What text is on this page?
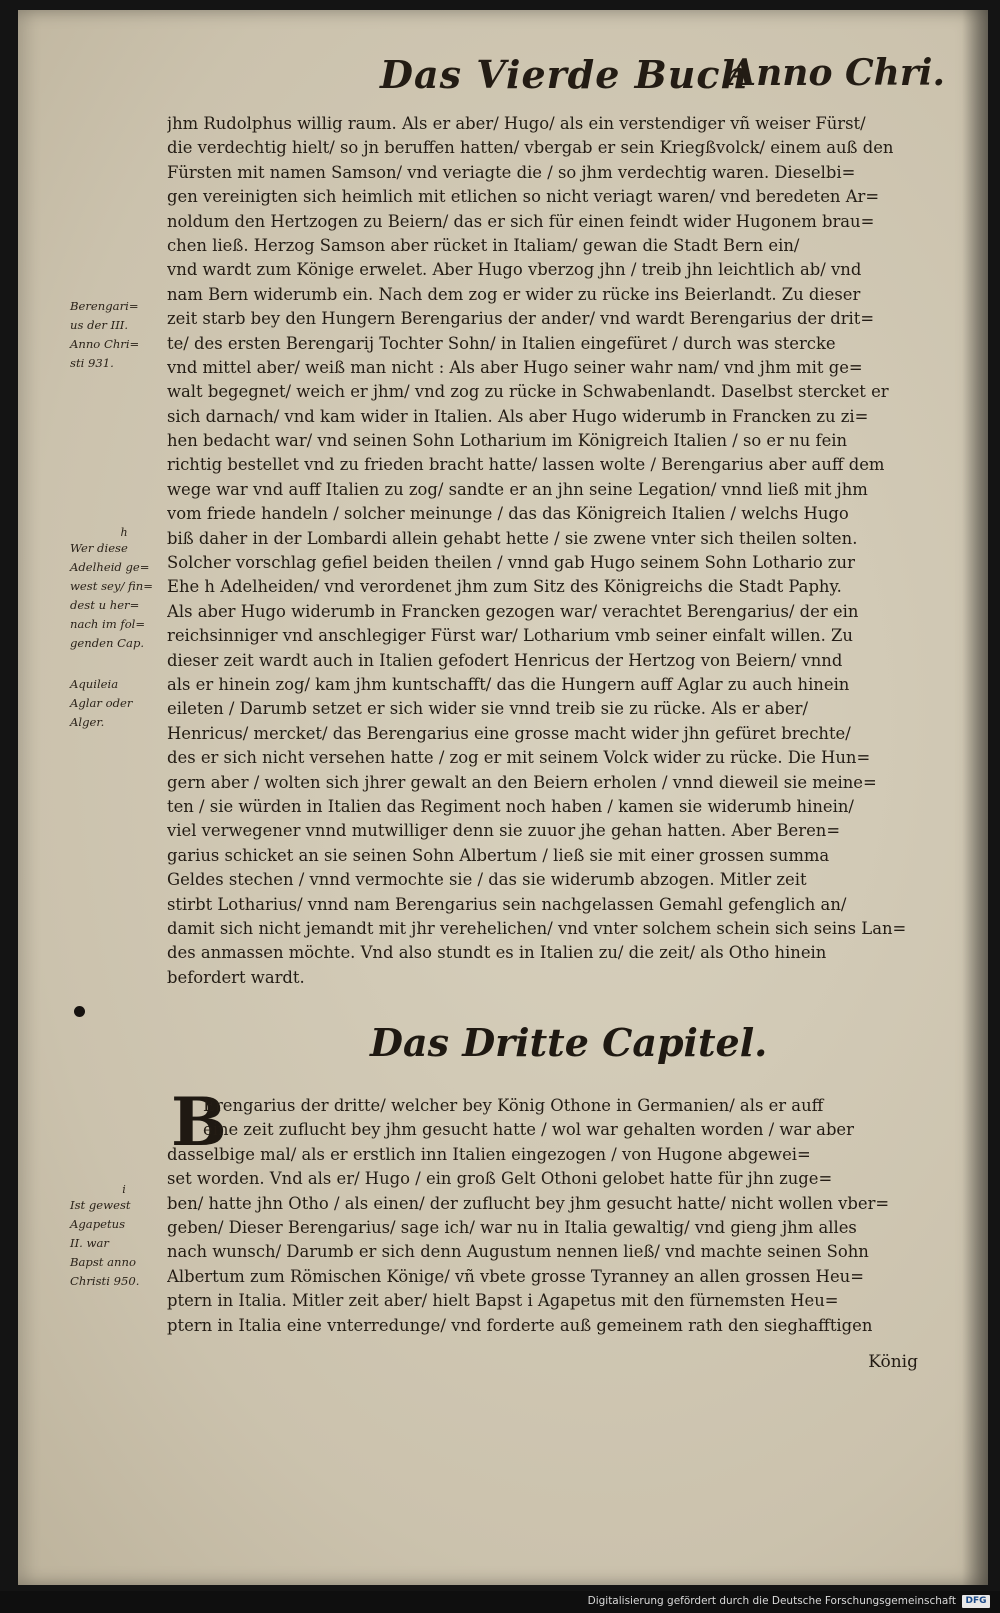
Das Vierde Buch
Anno Chri.
jhm Rudolphus willig raum. Als er aber/ Hugo/ als ein verstendiger vñ weiser Fürst/
die verdechtig hielt/ so jn beruffen hatten/ vbergab er sein Kriegßvolck/ einem auß den
Fürsten mit namen Samson/ vnd veriagte die / so jhm verdechtig waren. Dieselbi=
gen vereinigten sich heimlich mit etlichen so nicht veriagt waren/ vnd beredeten Ar=
noldum den Hertzogen zu Beiern/ das er sich für einen feindt wider Hugonem brau=
chen ließ. Herzog Samson aber rücket in Italiam/ gewan die Stadt Bern ein/
vnd wardt zum Könige erwelet. Aber Hugo vberzog jhn / treib jhn leichtlich ab/ vnd
nam Bern widerumb ein. Nach dem zog er wider zu rücke ins Beierlandt. Zu dieser
zeit starb bey den Hungern Berengarius der ander/ vnd wardt Berengarius der drit=
te/ des ersten Berengarij Tochter Sohn/ in Italien eingefüret / durch was stercke
vnd mittel aber/ weiß man nicht : Als aber Hugo seiner wahr nam/ vnd jhm mit ge=
walt begegnet/ weich er jhm/ vnd zog zu rücke in Schwabenlandt. Daselbst stercket er
sich darnach/ vnd kam wider in Italien. Als aber Hugo widerumb in Francken zu zi=
hen bedacht war/ vnd seinen Sohn Lotharium im Königreich Italien / so er nu fein
richtig bestellet vnd zu frieden bracht hatte/ lassen wolte / Berengarius aber auff dem
wege war vnd auff Italien zu zog/ sandte er an jhn seine Legation/ vnnd ließ mit jhm
vom friede handeln / solcher meinunge / das das Königreich Italien / welchs Hugo
biß daher in der Lombardi allein gehabt hette / sie zwene vnter sich theilen solten.
Solcher vorschlag gefiel beiden theilen / vnnd gab Hugo seinem Sohn Lothario zur
Ehe h Adelheiden/ vnd verordenet jhm zum Sitz des Königreichs die Stadt Paphy.
Als aber Hugo widerumb in Francken gezogen war/ verachtet Berengarius/ der ein
reichsinniger vnd anschlegiger Fürst war/ Lotharium vmb seiner einfalt willen. Zu
dieser zeit wardt auch in Italien gefodert Henricus der Hertzog von Beiern/ vnnd
als er hinein zog/ kam jhm kuntschafft/ das die Hungern auff Aglar zu auch hinein
eileten / Darumb setzet er sich wider sie vnnd treib sie zu rücke. Als er aber/
Henricus/ mercket/ das Berengarius eine grosse macht wider jhn gefüret brechte/
des er sich nicht versehen hatte / zog er mit seinem Volck wider zu rücke. Die Hun=
gern aber / wolten sich jhrer gewalt an den Beiern erholen / vnnd dieweil sie meine=
ten / sie würden in Italien das Regiment noch haben / kamen sie widerumb hinein/
viel verwegener vnnd mutwilliger denn sie zuuor jhe gehan hatten. Aber Beren=
garius schicket an sie seinen Sohn Albertum / ließ sie mit einer grossen summa
Geldes stechen / vnnd vermochte sie / das sie widerumb abzogen. Mitler zeit
stirbt Lotharius/ vnnd nam Berengarius sein nachgelassen Gemahl gefenglich an/
damit sich nicht jemandt mit jhr verehelichen/ vnd vnter solchem schein sich seins Lan=
des anmassen möchte. Vnd also stundt es in Italien zu/ die zeit/ als Otho hinein
befordert wardt.
Das Dritte Capitel.
B
Erengarius der dritte/ welcher bey König Othone in Germanien/ als er auff
eine zeit zuflucht bey jhm gesucht hatte / wol war gehalten worden / war aber
dasselbige mal/ als er erstlich inn Italien eingezogen / von Hugone abgewei=
set worden. Vnd als er/ Hugo / ein groß Gelt Othoni gelobet hatte für jhn zuge=
ben/ hatte jhn Otho / als einen/ der zuflucht bey jhm gesucht hatte/ nicht wollen vber=
geben/ Dieser Berengarius/ sage ich/ war nu in Italia gewaltig/ vnd gieng jhm alles
nach wunsch/ Darumb er sich denn Augustum nennen ließ/ vnd machte seinen Sohn
Albertum zum Römischen Könige/ vñ vbete grosse Tyranney an allen grossen Heu=
ptern in Italia. Mitler zeit aber/ hielt Bapst i Agapetus mit den fürnemsten Heu=
ptern in Italia eine vnterredunge/ vnd forderte auß gemeinem rath den sieghafftigen
Berengari=
us der III.
Anno Chri=
sti 931.
h
Wer diese
Adelheid ge=
west sey/ fin=
dest u her=
nach im fol=
genden Cap.
Aquileia
Aglar oder
Alger.
i
Ist gewest
Agapetus
II. war
Bapst anno
Christi 950.
König
Digitalisierung gefördert durch die Deutsche Forschungsgemeinschaft	DFG
